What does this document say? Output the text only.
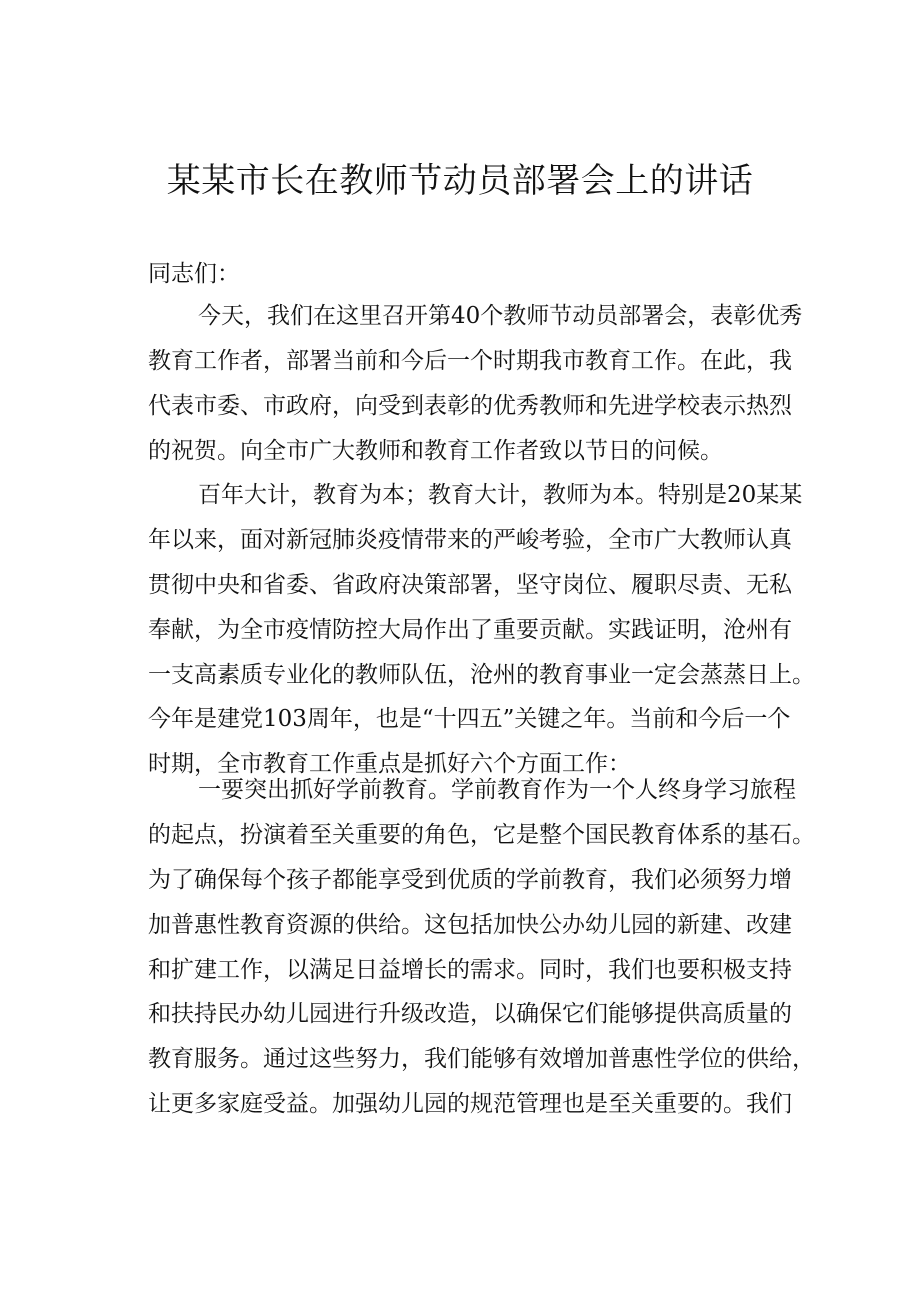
某某市长在教师节动员部署会上的讲话

同志们：

今天，我们在这里召开第40个教师节动员部署会，表彰优秀
教育工作者，部署当前和今后一个时期我市教育工作。在此，我
代表市委、市政府，向受到表彰的优秀教师和先进学校表示热烈
的祝贺。向全市广大教师和教育工作者致以节日的问候。

百年大计，教育为本；教育大计，教师为本。特别是20某某
年以来，面对新冠肺炎疫情带来的严峻考验，全市广大教师认真
贯彻中央和省委、省政府决策部署，坚守岗位、履职尽责、无私
奉献，为全市疫情防控大局作出了重要贡献。实践证明，沧州有
一支高素质专业化的教师队伍，沧州的教育事业一定会蒸蒸日上。
今年是建党103周年，也是“十四五”关键之年。当前和今后一个
时期，全市教育工作重点是抓好六个方面工作：

一要突出抓好学前教育。学前教育作为一个人终身学习旅程
的起点，扮演着至关重要的角色，它是整个国民教育体系的基石。
为了确保每个孩子都能享受到优质的学前教育，我们必须努力增
加普惠性教育资源的供给。这包括加快公办幼儿园的新建、改建
和扩建工作，以满足日益增长的需求。同时，我们也要积极支持
和扶持民办幼儿园进行升级改造，以确保它们能够提供高质量的
教育服务。通过这些努力，我们能够有效增加普惠性学位的供给，
让更多家庭受益。加强幼儿园的规范管理也是至关重要的。我们
